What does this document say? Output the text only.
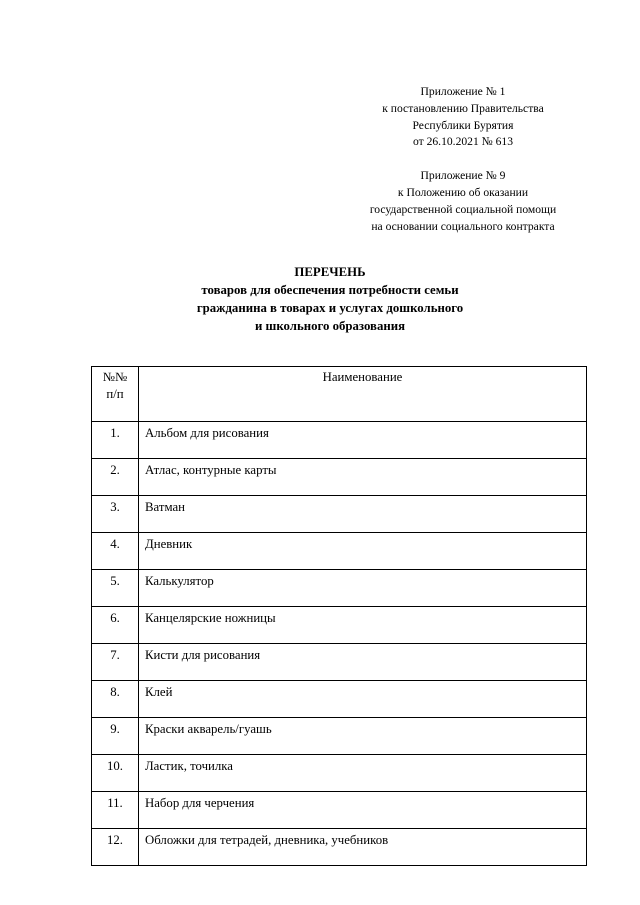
Приложение № 1
к постановлению Правительства
Республики Бурятия
от 26.10.2021 № 613
Приложение № 9
к Положению об оказании
государственной социальной помощи
на основании социального контракта
ПЕРЕЧЕНЬ
товаров для обеспечения потребности семьи
гражданина в товарах и услугах дошкольного
и школьного образования
№№
п/п	Наименование
1.	Альбом для рисования
2.	Атлас, контурные карты
3.	Ватман
4.	Дневник
5.	Калькулятор
6.	Канцелярские ножницы
7.	Кисти для рисования
8.	Клей
9.	Краски акварель/гуашь
10.	Ластик, точилка
11.	Набор для черчения
12.	Обложки для тетрадей, дневника, учебников
